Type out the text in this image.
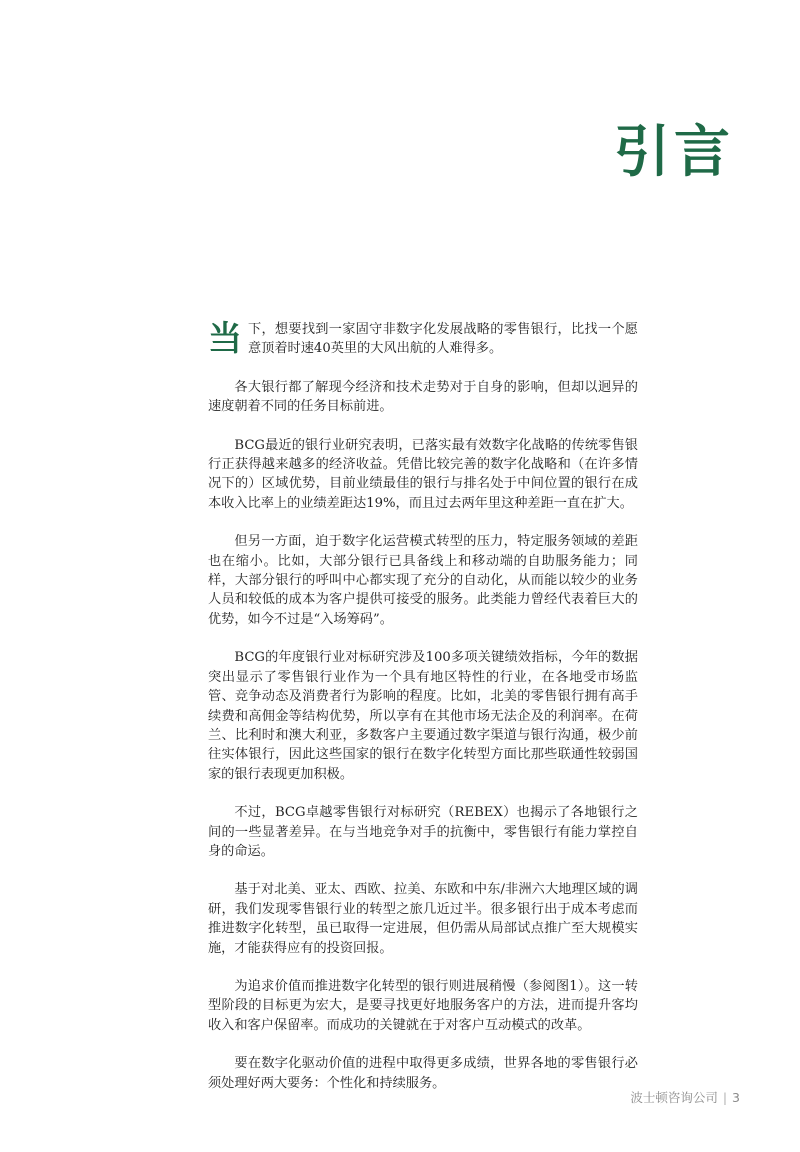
引言

当 下，想要找到一家固守非数字化发展战略的零售银行，比找一个愿意顶着时速40英里的大风出航的人难得多。

各大银行都了解现今经济和技术走势对于自身的影响，但却以迥异的速度朝着不同的任务目标前进。

BCG最近的银行业研究表明，已落实最有效数字化战略的传统零售银行正获得越来越多的经济收益。凭借比较完善的数字化战略和（在许多情况下的）区域优势，目前业绩最佳的银行与排名处于中间位置的银行在成本收入比率上的业绩差距达19%，而且过去两年里这种差距一直在扩大。

但另一方面，迫于数字化运营模式转型的压力，特定服务领域的差距也在缩小。比如，大部分银行已具备线上和移动端的自助服务能力；同样，大部分银行的呼叫中心都实现了充分的自动化，从而能以较少的业务人员和较低的成本为客户提供可接受的服务。此类能力曾经代表着巨大的优势，如今不过是“入场筹码”。

BCG的年度银行业对标研究涉及100多项关键绩效指标，今年的数据突出显示了零售银行业作为一个具有地区特性的行业，在各地受市场监管、竞争动态及消费者行为影响的程度。比如，北美的零售银行拥有高手续费和高佣金等结构优势，所以享有在其他市场无法企及的利润率。在荷兰、比利时和澳大利亚，多数客户主要通过数字渠道与银行沟通，极少前往实体银行，因此这些国家的银行在数字化转型方面比那些联通性较弱国家的银行表现更加积极。

不过，BCG卓越零售银行对标研究（REBEX）也揭示了各地银行之间的一些显著差异。在与当地竞争对手的抗衡中，零售银行有能力掌控自身的命运。

基于对北美、亚太、西欧、拉美、东欧和中东/非洲六大地理区域的调研，我们发现零售银行业的转型之旅几近过半。很多银行出于成本考虑而推进数字化转型，虽已取得一定进展，但仍需从局部试点推广至大规模实施，才能获得应有的投资回报。

为追求价值而推进数字化转型的银行则进展稍慢（参阅图1）。这一转型阶段的目标更为宏大，是要寻找更好地服务客户的方法，进而提升客均收入和客户保留率。而成功的关键就在于对客户互动模式的改革。

要在数字化驱动价值的进程中取得更多成绩，世界各地的零售银行必须处理好两大要务：个性化和持续服务。

波士顿咨询公司 | 3
